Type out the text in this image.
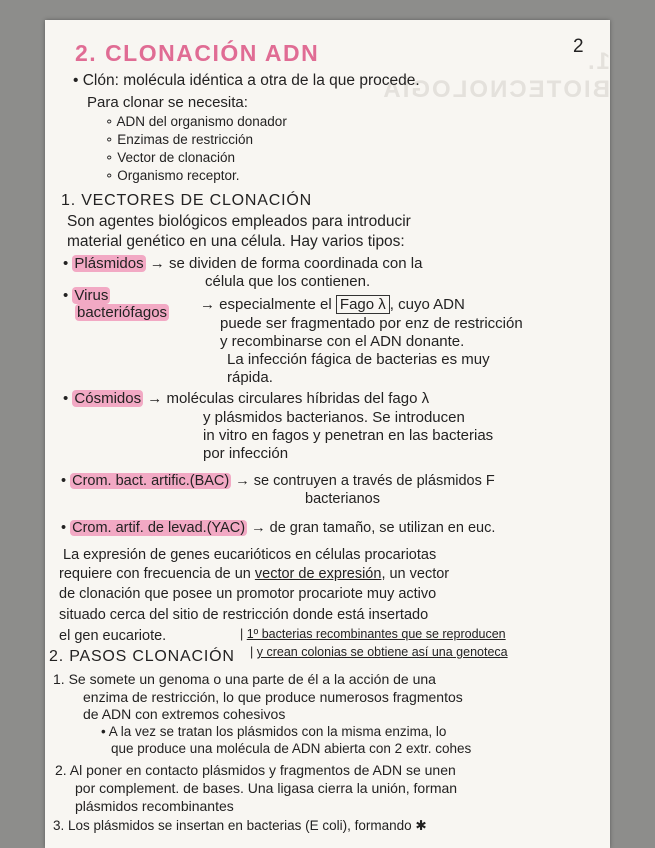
1. BIOTECNOLOGÍA
2. CLONACIÓN ADN	2
• Clón: molécula idéntica a otra de la que procede.
Para clonar se necesita:
∘ ADN del organismo donador
∘ Enzimas de restricción
∘ Vector de clonación
∘ Organismo receptor.
1. VECTORES DE CLONACIÓN
Son agentes biológicos empleados para introducir
material genético en una célula. Hay varios tipos:
• Plásmidos → se dividen de forma coordinada con la
célula que los contienen.
• Virus
bacteriófagos → especialmente el Fago λ , cuyo ADN
puede ser fragmentado por enz de restricción
y recombinarse con el ADN donante.
La infección fágica de bacterias es muy
rápida.
• Cósmidos → moléculas circulares híbridas del fago λ
y plásmidos bacterianos. Se introducen
in vitro en fagos y penetran en las bacterias
por infección
• Crom. bact. artific.(BAC) → se contruyen a través de plásmidos F
bacterianos
• Crom. artif. de levad.(YAC) → de gran tamaño, se utilizan en euc.
La expresión de genes eucarióticos en células procariotas
requiere con frecuencia de un vector de expresión, un vector
de clonación que posee un promotor procariote muy activo
situado cerca del sitio de restricción donde está insertado
el gen eucariote.	| 1º bacterias recombinantes que se reproducen
| y crean colonias se obtiene así una genoteca
2. PASOS CLONACIÓN
1. Se somete un genoma o una parte de él a la acción de una
enzima de restricción, lo que produce numerosos fragmentos
de ADN con extremos cohesivos
• A la vez se tratan los plásmidos con la misma enzima, lo
que produce una molécula de ADN abierta con 2 extr. cohes
2. Al poner en contacto plásmidos y fragmentos de ADN se unen
por complement. de bases. Una ligasa cierra la unión, forman
plásmidos recombinantes
3. Los plásmidos se insertan en bacterias (E coli), formando ✱
